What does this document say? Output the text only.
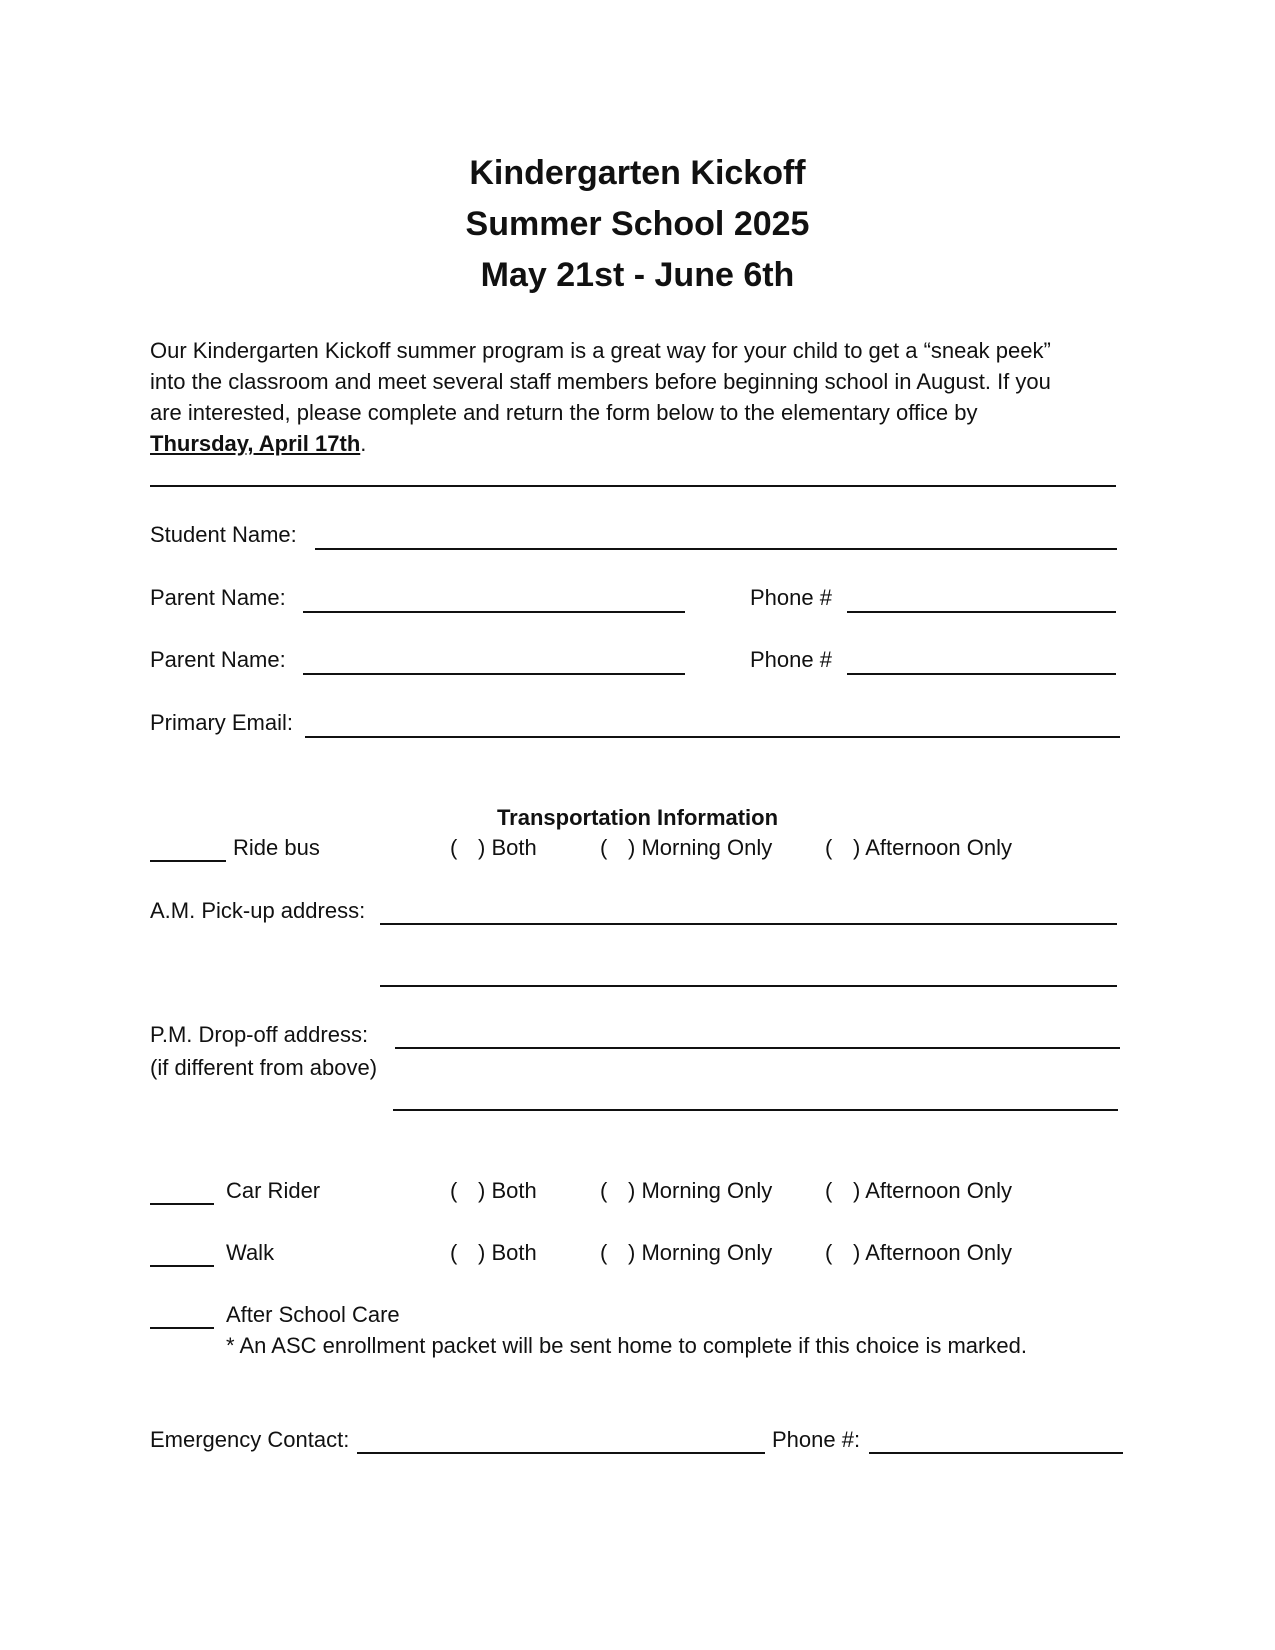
Kindergarten Kickoff
Summer School 2025
May 21st - June 6th
Our Kindergarten Kickoff summer program is a great way for your child to get a “sneak peek”
into the classroom and meet several staff members before beginning school in August. If you
are interested, please complete and return the form below to the elementary office by
Thursday, April 17th.
Student Name:
Parent Name:	Phone #
Parent Name:	Phone #
Primary Email:
Transportation Information
Ride bus	( ) Both	( ) Morning Only ( ) Afternoon Only
A.M. Pick-up address:
P.M. Drop-off address:
(if different from above)
Car Rider	( ) Both	( ) Morning Only ( ) Afternoon Only
Walk	( ) Both	( ) Morning Only ( ) Afternoon Only
After School Care
* An ASC enrollment packet will be sent home to complete if this choice is marked.
Emergency Contact:	Phone #:
